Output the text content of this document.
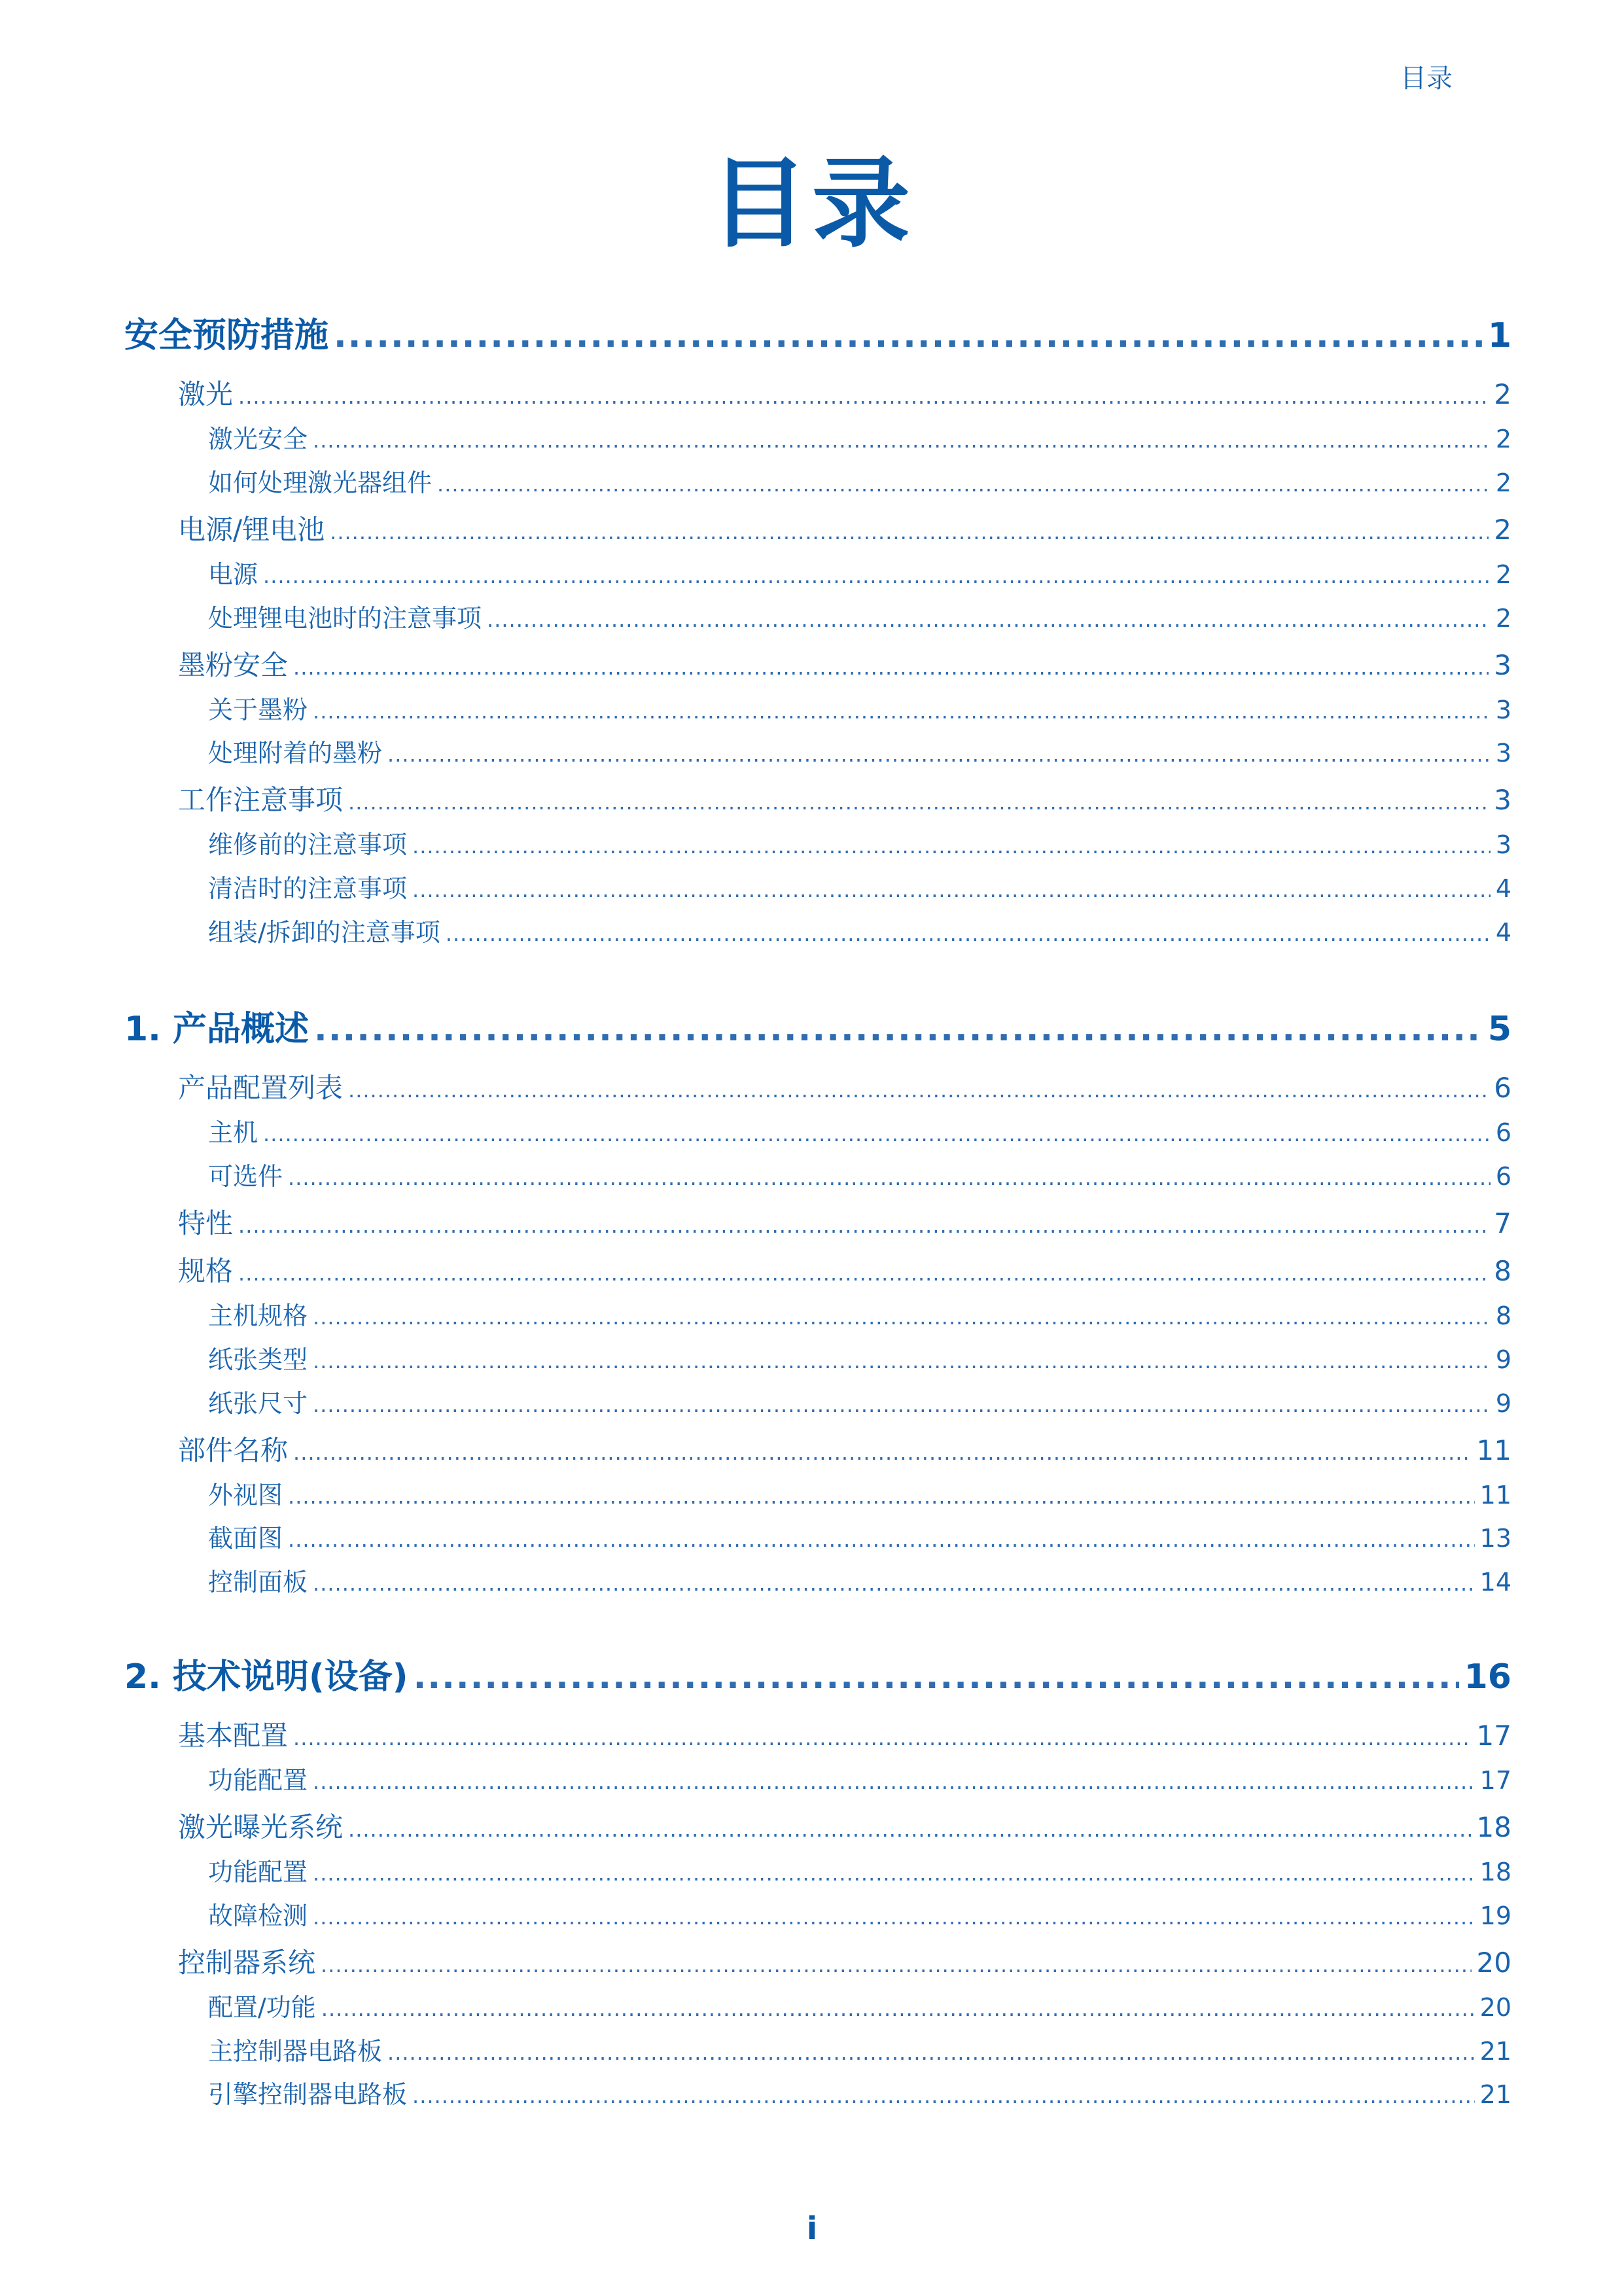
目录
目录
安全预防措施 .....	1
激光 .....	2
激光安全 .....	2
如何处理激光器组件 .....	2
电源/锂电池 .....	2
电源 .....	2
处理锂电池时的注意事项 .....	2
墨粉安全 .....	3
关于墨粉 .....	3
处理附着的墨粉 .....	3
工作注意事项 .....	3
维修前的注意事项 .....	3
清洁时的注意事项 .....	4
组装/拆卸的注意事项 .....	4
1. 产品概述 .....	5
产品配置列表 .....	6
主机 .....	6
可选件 .....	6
特性 .....	7
规格 .....	8
主机规格 .....	8
纸张类型 .....	9
纸张尺寸 .....	9
部件名称 .....	11
外视图 .....	11
截面图 .....	13
控制面板 .....	14
2. 技术说明(设备) .....	16
基本配置 .....	17
功能配置 .....	17
激光曝光系统 .....	18
功能配置 .....	18
故障检测 .....	19
控制器系统 .....	20
配置/功能 .....	20
主控制器电路板 .....	21
引擎控制器电路板 .....	21
i
